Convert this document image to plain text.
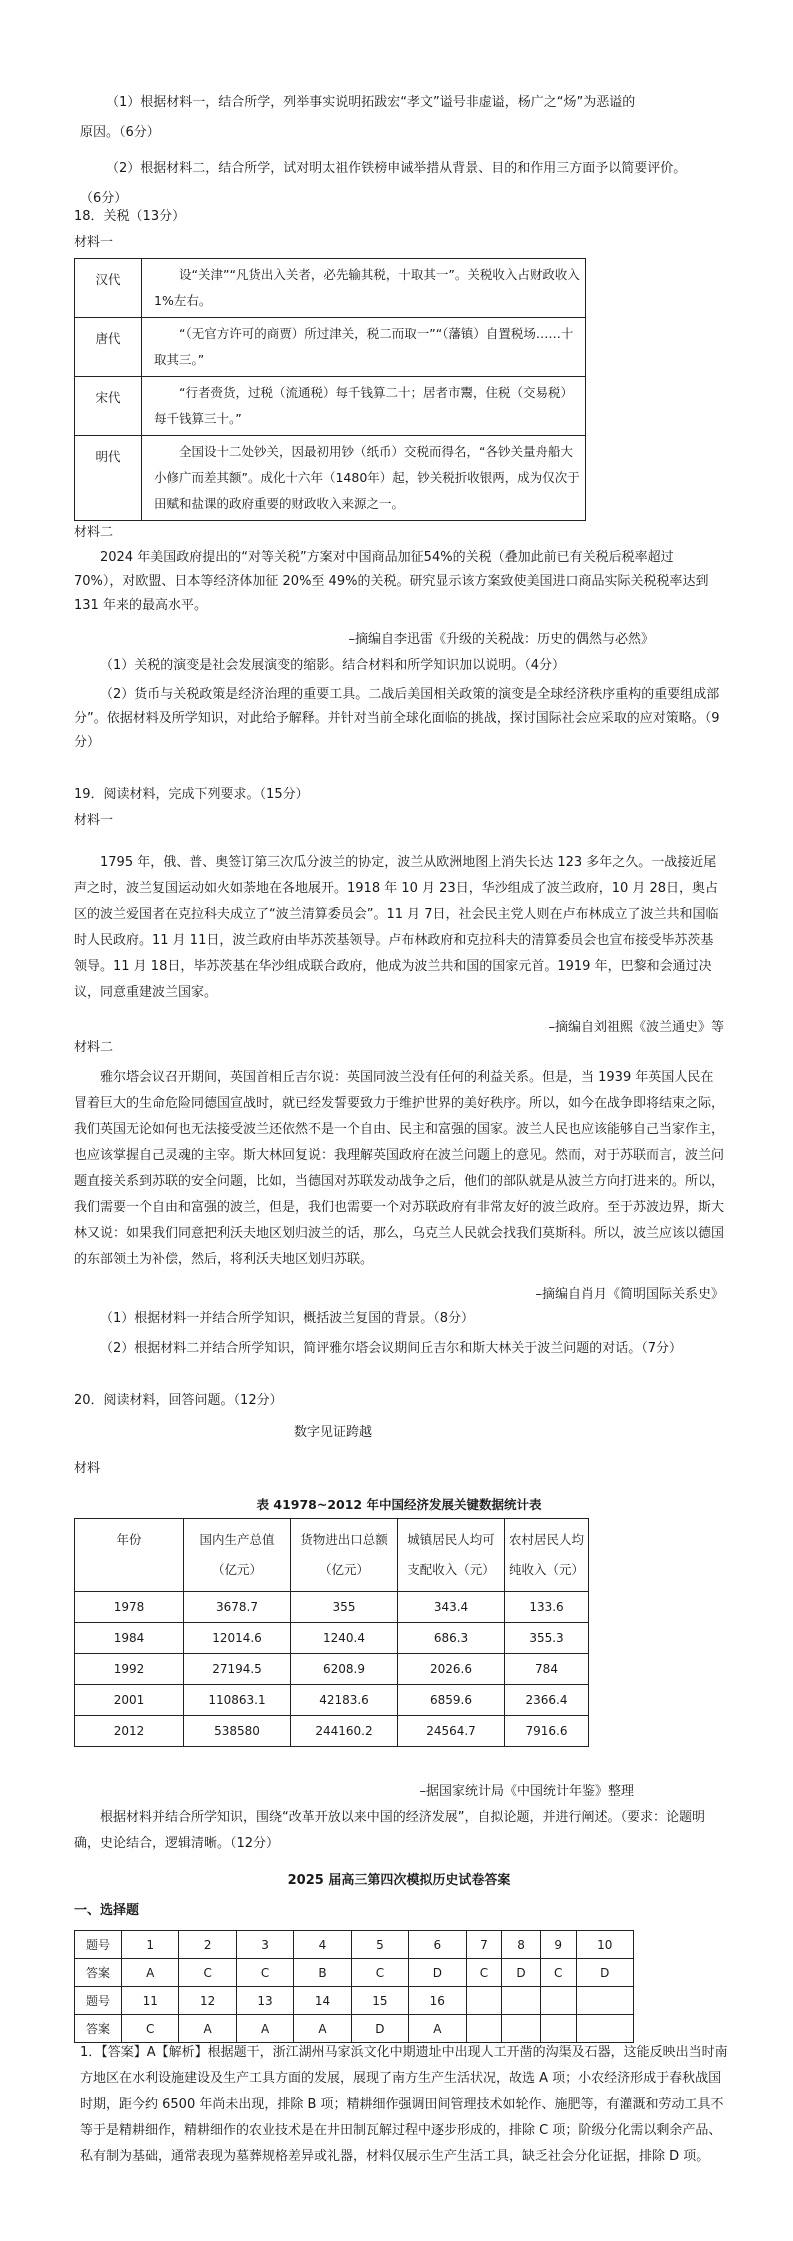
（1）根据材料一，结合所学，列举事实说明拓跋宏“孝文”谥号非虚谥，杨广之“炀”为恶谥的
原因。（6分）

（2）根据材料二，结合所学，试对明太祖作铁榜申诫举措从背景、目的和作用三方面予以简要评价。
（6分）

18．关税（13分）

材料一

汉代	设“关津”“凡货出入关者，必先输其税，十取其一”。关税收入占财政收入 1%左右。
唐代	“（无官方许可的商贾）所过津关，税二而取一”“（藩镇）自置税场……十取其三。”
宋代	“行者赍货，过税（流通税）每千钱算二十；居者市鬻，住税（交易税）每千钱算三十。”
明代	全国设十二处钞关，因最初用钞（纸币）交税而得名，“各钞关量舟船大小修广而差其额”。成化十六年（1480年）起，钞关税折收银两，成为仅次于田赋和盐课的政府重要的财政收入来源之一。

材料二

2024 年美国政府提出的“对等关税”方案对中国商品加征54%的关税（叠加此前已有关税后税率超过 70%），对欧盟、日本等经济体加征 20%至 49%的关税。研究显示该方案致使美国进口商品实际关税税率达到 131 年来的最高水平。

–摘编自李迅雷《升级的关税战：历史的偶然与必然》

（1）关税的演变是社会发展演变的缩影。结合材料和所学知识加以说明。（4分）

（2）货币与关税政策是经济治理的重要工具。二战后美国相关政策的演变是全球经济秩序重构的重要组成部分”。依据材料及所学知识，对此给予解释。并针对当前全球化面临的挑战，探讨国际社会应采取的应对策略。（9分）

19．阅读材料，完成下列要求。（15分）

材料一

1795 年，俄、普、奥签订第三次瓜分波兰的协定，波兰从欧洲地图上消失长达 123 多年之久。一战接近尾声之时，波兰复国运动如火如荼地在各地展开。1918 年 10 月 23日，华沙组成了波兰政府，10 月 28日，奥占区的波兰爱国者在克拉科夫成立了“波兰清算委员会”。11 月 7日，社会民主党人则在卢布林成立了波兰共和国临时人民政府。11 月 11日，波兰政府由毕苏茨基领导。卢布林政府和克拉科夫的清算委员会也宣布接受毕苏茨基领导。11 月 18日，毕苏茨基在华沙组成联合政府，他成为波兰共和国的国家元首。1919 年，巴黎和会通过决议，同意重建波兰国家。

–摘编自刘祖熙《波兰通史》等

材料二

雅尔塔会议召开期间，英国首相丘吉尔说：英国同波兰没有任何的利益关系。但是，当 1939 年英国人民在冒着巨大的生命危险同德国宣战时，就已经发誓要致力于维护世界的美好秩序。所以，如今在战争即将结束之际，我们英国无论如何也无法接受波兰还依然不是一个自由、民主和富强的国家。波兰人民也应该能够自己当家作主，也应该掌握自己灵魂的主宰。斯大林回复说：我理解英国政府在波兰问题上的意见。然而，对于苏联而言，波兰问题直接关系到苏联的安全问题，比如，当德国对苏联发动战争之后，他们的部队就是从波兰方向打进来的。所以，我们需要一个自由和富强的波兰，但是，我们也需要一个对苏联政府有非常友好的波兰政府。至于苏波边界，斯大林又说：如果我们同意把利沃夫地区划归波兰的话，那么，乌克兰人民就会找我们莫斯科。所以，波兰应该以德国的东部领土为补偿，然后，将利沃夫地区划归苏联。

–摘编自肖月《简明国际关系史》

（1）根据材料一并结合所学知识，概括波兰复国的背景。（8分）

（2）根据材料二并结合所学知识，简评雅尔塔会议期间丘吉尔和斯大林关于波兰问题的对话。（7分）

20．阅读材料，回答问题。（12分）

数字见证跨越

材料

表 41978~2012 年中国经济发展关键数据统计表

年份	国内生产总值（亿元）	货物进出口总额（亿元）	城镇居民人均可支配收入（元）	农村居民人均纯收入（元）
1978	3678.7	355	343.4	133.6
1984	12014.6	1240.4	686.3	355.3
1992	27194.5	6208.9	2026.6	784
2001	110863.1	42183.6	6859.6	2366.4
2012	538580	244160.2	24564.7	7916.6

–据国家统计局《中国统计年鉴》整理

根据材料并结合所学知识，围绕“改革开放以来中国的经济发展”，自拟论题，并进行阐述。（要求：论题明确，史论结合，逻辑清晰。（12分）

2025 届高三第四次模拟历史试卷答案

一、选择题

题号	1	2	3	4	5	6	7	8	9	10
答案	A	C	C	B	C	D	C	D	C	D
题号	11	12	13	14	15	16				
答案	C	A	A	A	D	A				

1．【答案】A【解析】根据题干，浙江湖州马家浜文化中期遗址中出现人工开凿的沟渠及石器，这能反映出当时南方地区在水利设施建设及生产工具方面的发展，展现了南方生产生活状况，故选 A 项；小农经济形成于春秋战国时期，距今约 6500 年尚未出现，排除 B 项；精耕细作强调田间管理技术如轮作、施肥等，有灌溉和劳动工具不等于是精耕细作，精耕细作的农业技术是在井田制瓦解过程中逐步形成的，排除 C 项；阶级分化需以剩余产品、私有制为基础，通常表现为墓葬规格差异或礼器，材料仅展示生产生活工具，缺乏社会分化证据，排除 D 项。
